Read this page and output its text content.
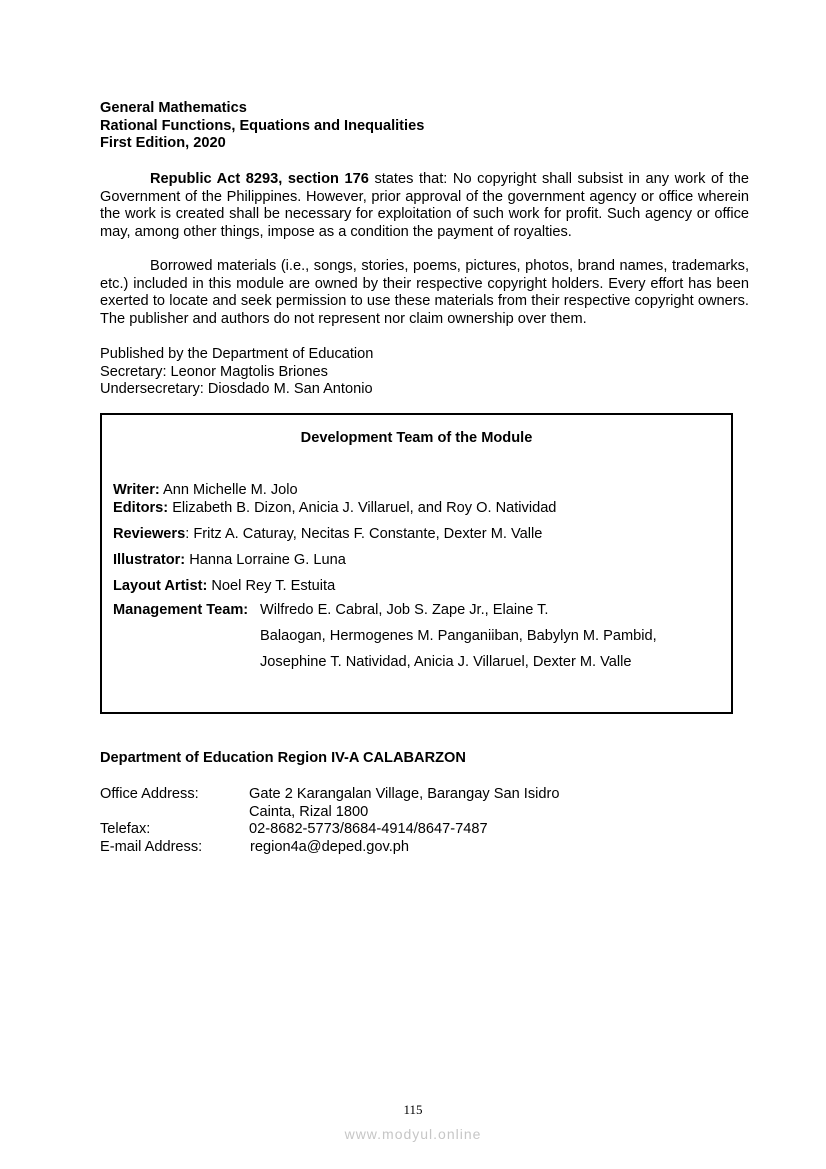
General Mathematics
Rational Functions, Equations and Inequalities
First Edition, 2020
Republic Act 8293, section 176 states that: No copyright shall subsist in any work of the Government of the Philippines. However, prior approval of the government agency or office wherein the work is created shall be necessary for exploitation of such work for profit. Such agency or office may, among other things, impose as a condition the payment of royalties.
Borrowed materials (i.e., songs, stories, poems, pictures, photos, brand names, trademarks, etc.) included in this module are owned by their respective copyright holders. Every effort has been exerted to locate and seek permission to use these materials from their respective copyright owners. The publisher and authors do not represent nor claim ownership over them.
Published by the Department of Education
Secretary: Leonor Magtolis Briones
Undersecretary: Diosdado M. San Antonio
Development Team of the Module
Writer: Ann Michelle M. Jolo
Editors: Elizabeth B. Dizon, Anicia J. Villaruel, and Roy O. Natividad
Reviewers: Fritz A. Caturay, Necitas F. Constante, Dexter M. Valle
Illustrator: Hanna Lorraine G. Luna
Layout Artist: Noel Rey T. Estuita
Management Team: Wilfredo E. Cabral, Job S. Zape Jr., Elaine T.
Balaogan, Hermogenes M. Panganiiban, Babylyn M. Pambid,
Josephine T. Natividad, Anicia J. Villaruel, Dexter M. Valle
Department of Education Region IV-A CALABARZON
Office Address:	Gate 2 Karangalan Village, Barangay San Isidro
Cainta, Rizal 1800
Telefax:	02-8682-5773/8684-4914/8647-7487
E-mail Address:	region4a@deped.gov.ph
115
www.modyul.online
